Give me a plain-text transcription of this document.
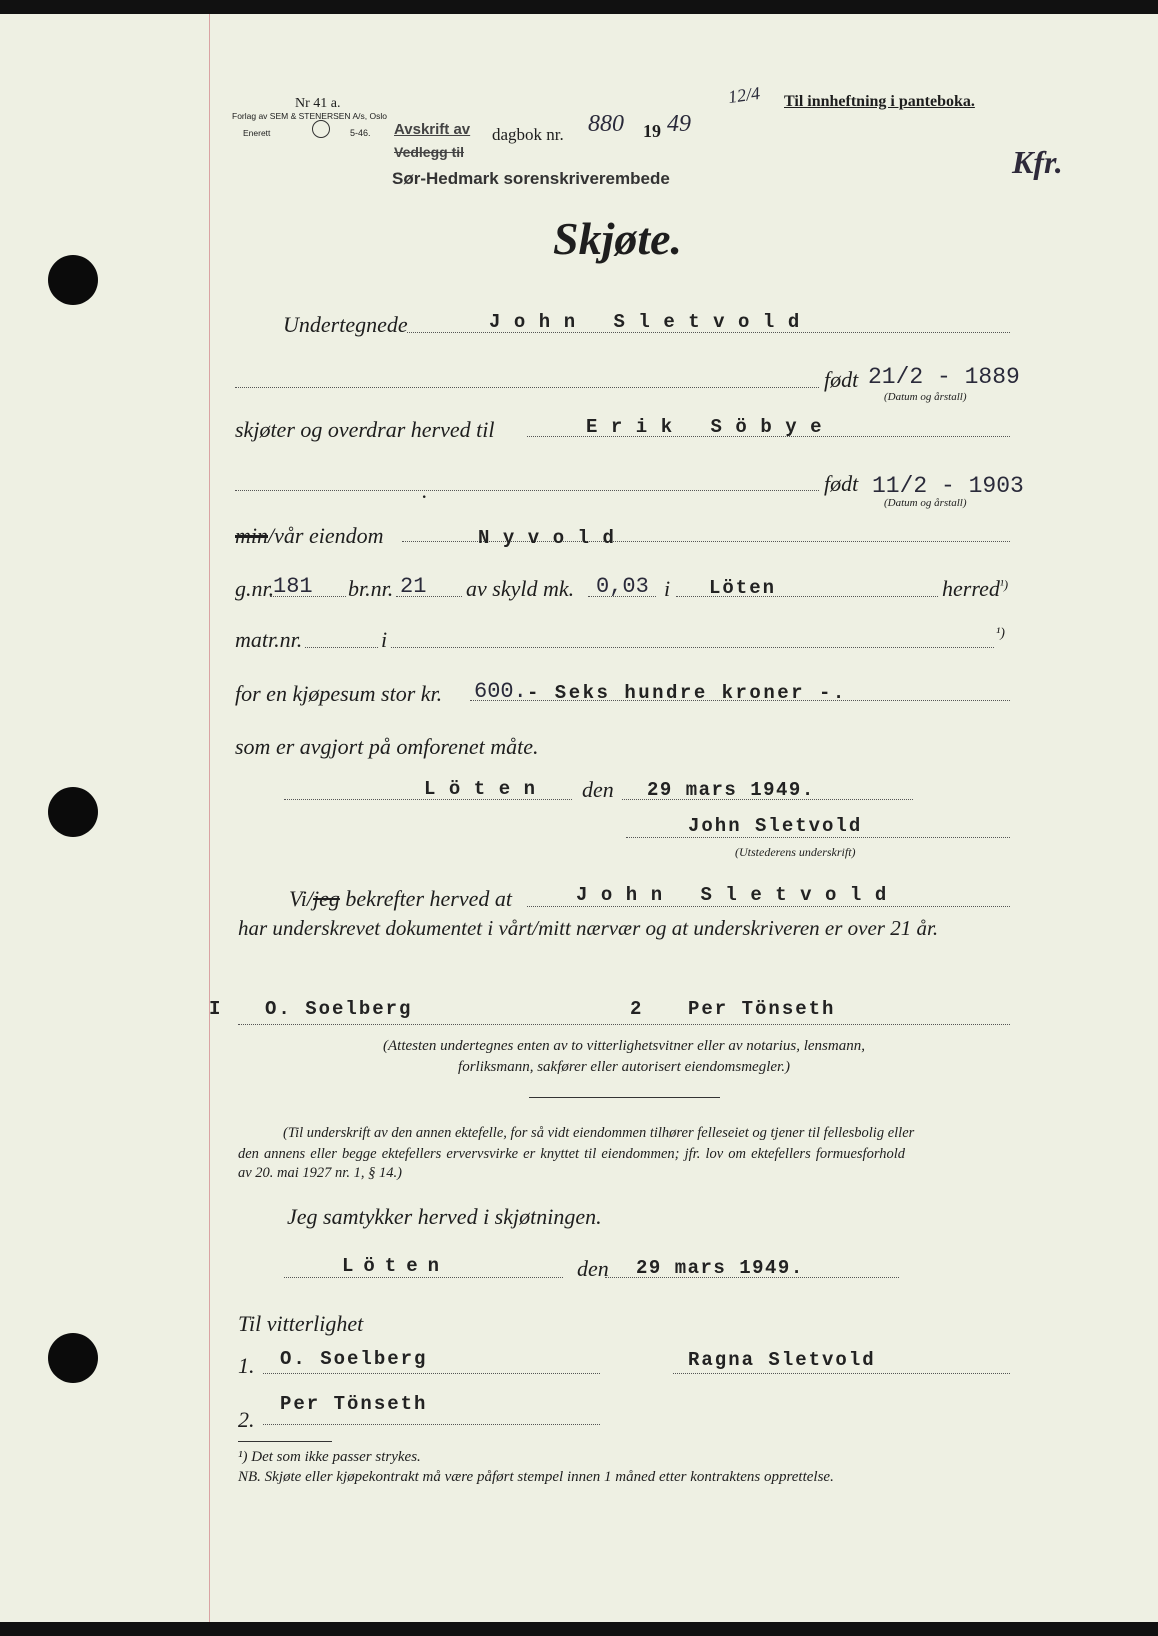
Nr 41 a.
Forlag av SEM & STENERSEN A/s, Oslo
Enerett	5-46. Avskrift av
Vedlegg til
dagbok nr. 880 19 49
12/4 Til innheftning i panteboka.
Sør-Hedmark sorenskriverembede	Kfr.
Skjøte.
Undertegnede	John Sletvold
født 21/2 - 1889
(Datum og årstall)
skjøter og overdrar herved til	Erik Söbye
.	født 11/2 - 1903
(Datum og årstall)
min/vår eiendom	Nyvold
g.nr.
181 br.nr. 21 av skyld mk. 0,03 i Löten	herred$^{^1)}$
matr.nr.	i	¹)
for en kjøpesum stor kr. 600. - Seks hundre kroner -.
som er avgjort på omforenet måte.
Löten den 29 mars 1949.
John Sletvold
(Utstederens underskrift)
Vi/jeg bekrefter herved at	John Sletvold
har underskrevet dokumentet i vårt/mitt nærvær og at underskriveren er over 21 år.
I O. Soelberg	2 Per Tönseth
(Attesten undertegnes enten av to vitterlighetsvitner eller av notarius, lensmann,
forliksmann, sakfører eller autorisert eiendomsmegler.)
(Til underskrift av den annen ektefelle, for så vidt eiendommen tilhører felleseiet og tjener til fellesbolig eller
den annens eller begge ektefellers ervervsvirke er knyttet til eiendommen; jfr. lov om ektefellers formuesforhold
av 20. mai 1927 nr. 1, § 14.)
Jeg samtykker herved i skjøtningen.
Löten	den 29 mars 1949.
Til vitterlighet
1. O. Soelberg	Ragna Sletvold
2.
Per Tönseth
¹) Det som ikke passer strykes.
NB. Skjøte eller kjøpekontrakt må være påført stempel innen 1 måned etter kontraktens opprettelse.
